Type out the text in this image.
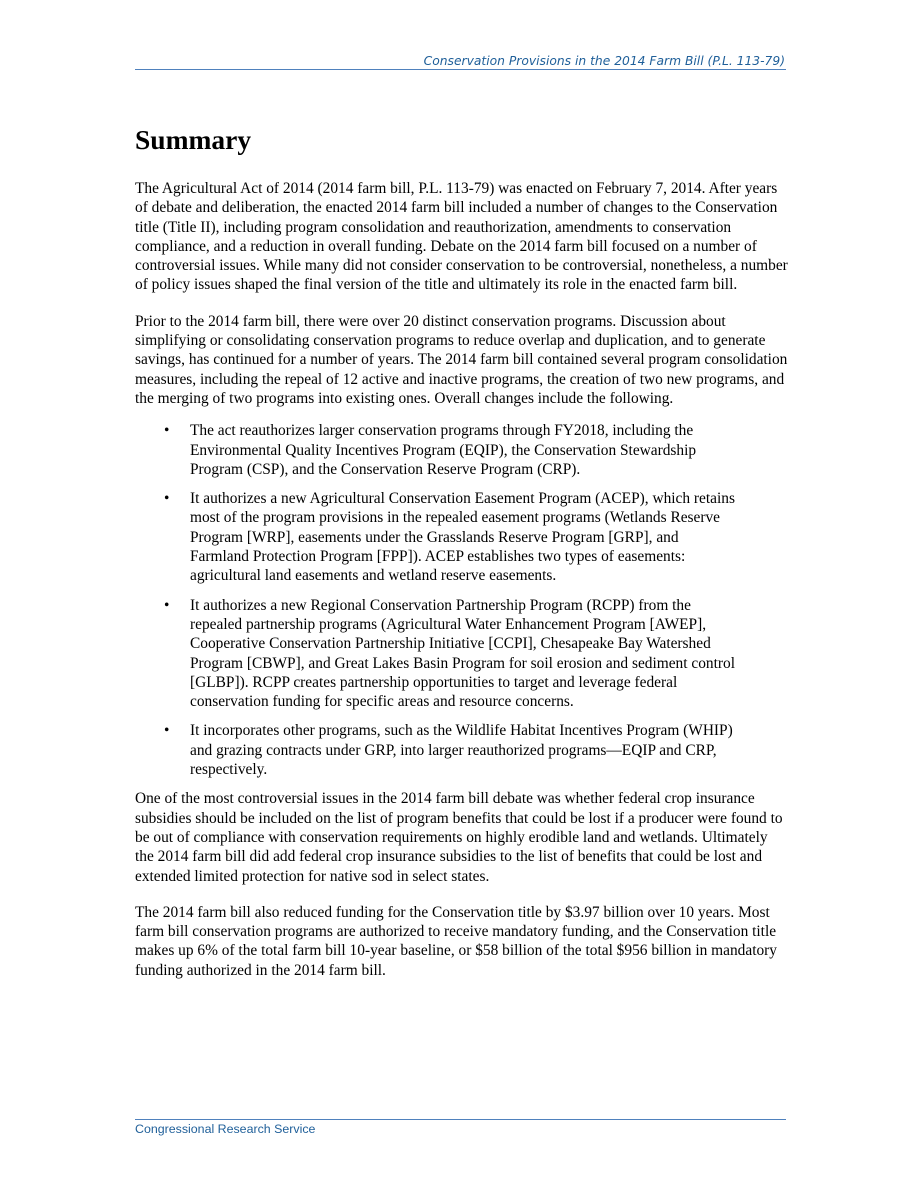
Conservation Provisions in the 2014 Farm Bill (P.L. 113-79)
Summary

The Agricultural Act of 2014 (2014 farm bill, P.L. 113-79) was enacted on February 7, 2014. After years of debate and deliberation, the enacted 2014 farm bill included a number of changes to the Conservation title (Title II), including program consolidation and reauthorization, amendments to conservation compliance, and a reduction in overall funding. Debate on the 2014 farm bill focused on a number of controversial issues. While many did not consider conservation to be controversial, nonetheless, a number of policy issues shaped the final version of the title and ultimately its role in the enacted farm bill.

Prior to the 2014 farm bill, there were over 20 distinct conservation programs. Discussion about simplifying or consolidating conservation programs to reduce overlap and duplication, and to generate savings, has continued for a number of years. The 2014 farm bill contained several program consolidation measures, including the repeal of 12 active and inactive programs, the creation of two new programs, and the merging of two programs into existing ones. Overall changes include the following.

• The act reauthorizes larger conservation programs through FY2018, including the Environmental Quality Incentives Program (EQIP), the Conservation Stewardship Program (CSP), and the Conservation Reserve Program (CRP).
• It authorizes a new Agricultural Conservation Easement Program (ACEP), which retains most of the program provisions in the repealed easement programs (Wetlands Reserve Program [WRP], easements under the Grasslands Reserve Program [GRP], and Farmland Protection Program [FPP]). ACEP establishes two types of easements: agricultural land easements and wetland reserve easements.
• It authorizes a new Regional Conservation Partnership Program (RCPP) from the repealed partnership programs (Agricultural Water Enhancement Program [AWEP], Cooperative Conservation Partnership Initiative [CCPI], Chesapeake Bay Watershed Program [CBWP], and Great Lakes Basin Program for soil erosion and sediment control [GLBP]). RCPP creates partnership opportunities to target and leverage federal conservation funding for specific areas and resource concerns.
• It incorporates other programs, such as the Wildlife Habitat Incentives Program (WHIP) and grazing contracts under GRP, into larger reauthorized programs—EQIP and CRP, respectively.

One of the most controversial issues in the 2014 farm bill debate was whether federal crop insurance subsidies should be included on the list of program benefits that could be lost if a producer were found to be out of compliance with conservation requirements on highly erodible land and wetlands. Ultimately the 2014 farm bill did add federal crop insurance subsidies to the list of benefits that could be lost and extended limited protection for native sod in select states.

The 2014 farm bill also reduced funding for the Conservation title by $3.97 billion over 10 years. Most farm bill conservation programs are authorized to receive mandatory funding, and the Conservation title makes up 6% of the total farm bill 10-year baseline, or $58 billion of the total $956 billion in mandatory funding authorized in the 2014 farm bill.

Congressional Research Service
